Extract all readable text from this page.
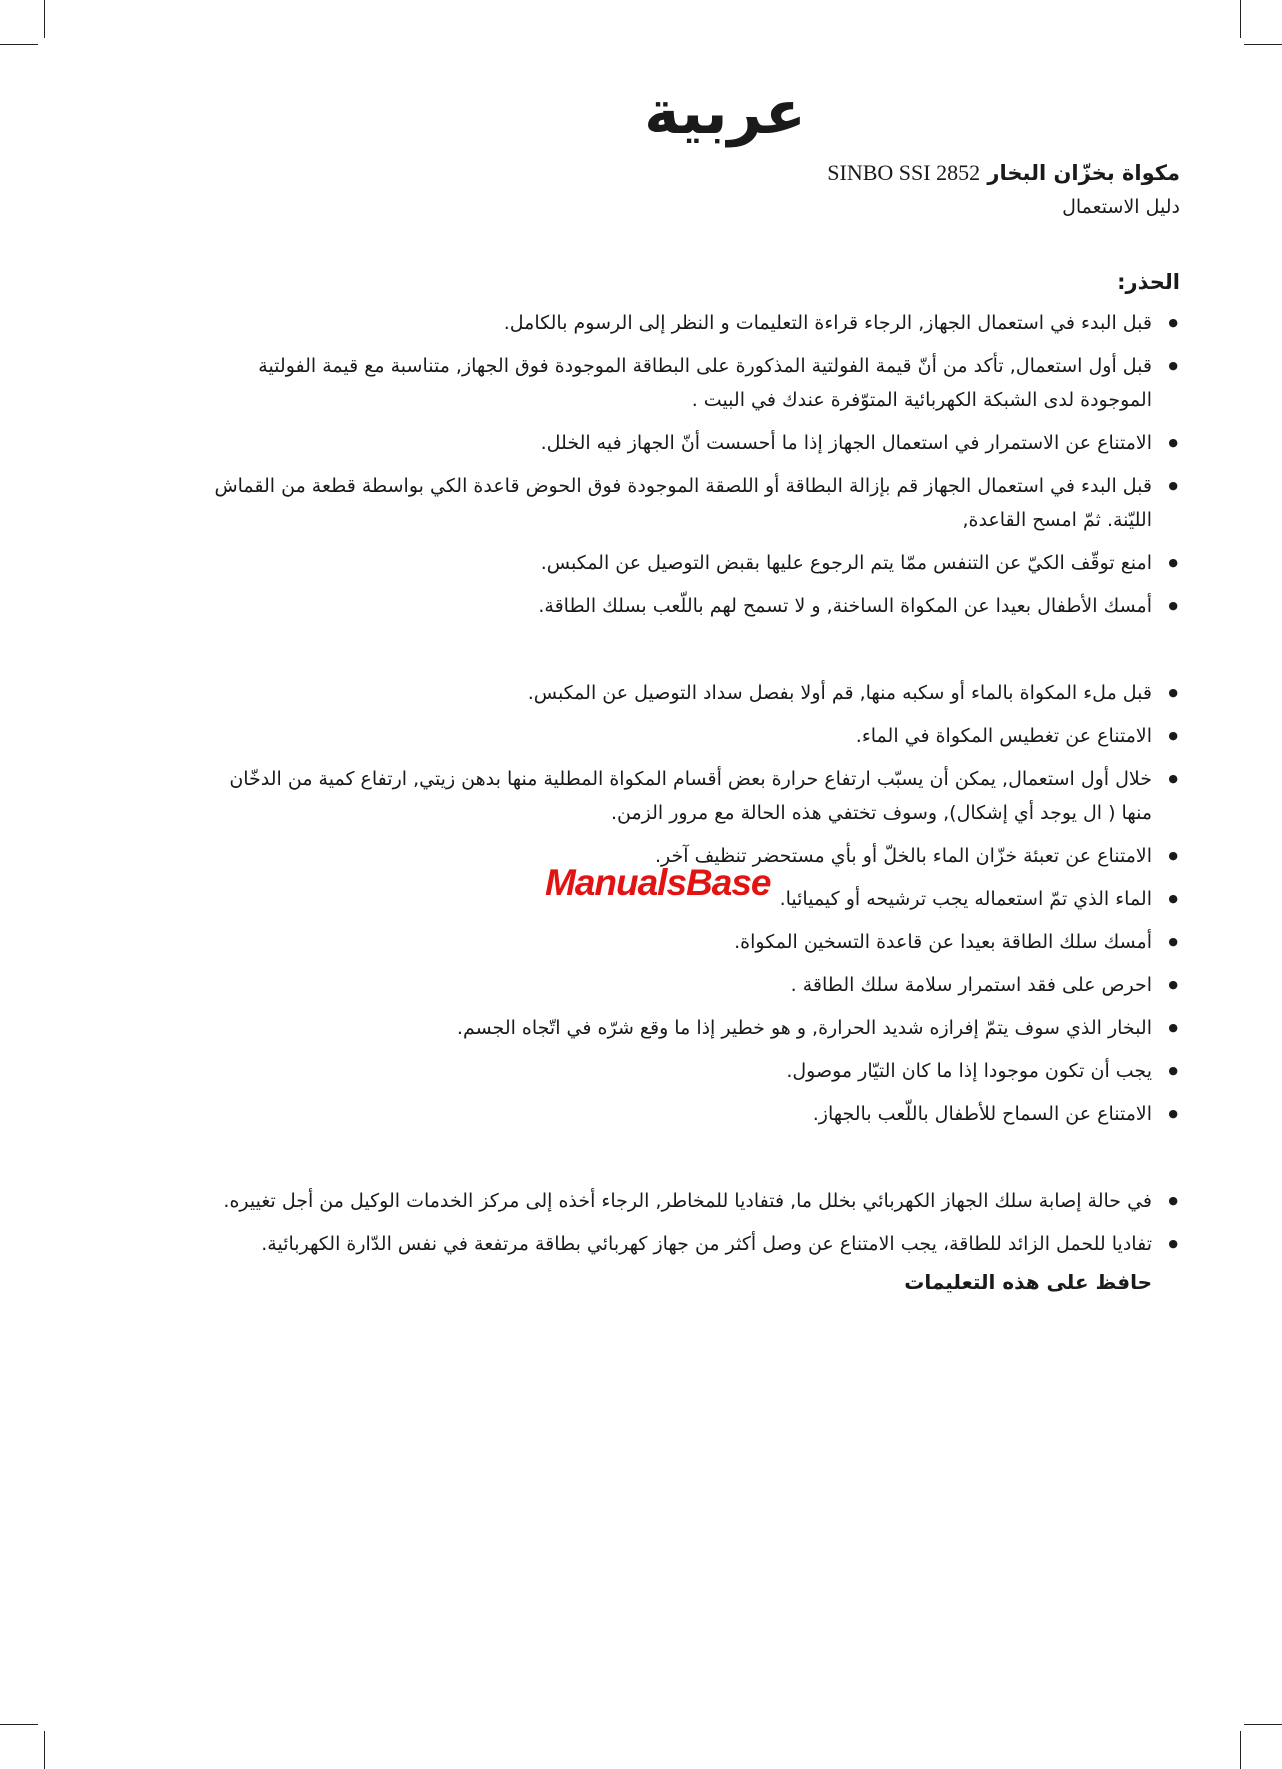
عربية
مكواة بخزّان البخار SINBO SSI 2852
دليل الاستعمال
الحذر:
● قبل البدء في استعمال الجهاز, الرجاء قراءة التعليمات و النظر إلى الرسوم بالكامل.
● قبل أول استعمال, تأكد من أنّ قيمة الفولتية المذكورة على البطاقة الموجودة فوق الجهاز, متناسبة مع قيمة الفولتية الموجودة لدى الشبكة الكهربائية المتوّفرة عندك في البيت .
● الامتناع عن الاستمرار في استعمال الجهاز إذا ما أحسست أنّ الجهاز فيه الخلل.
● قبل البدء في استعمال الجهاز قم بإزالة البطاقة أو اللصقة الموجودة فوق الحوض قاعدة الكي بواسطة قطعة من القماش الليّنة. ثمّ امسح القاعدة,
● امنع توقّف الكيّ عن التنفس ممّا يتم الرجوع عليها بقبض التوصيل عن المكبس.
● أمسك الأطفال بعيدا عن المكواة الساخنة, و لا تسمح لهم باللّعب بسلك الطاقة.
● قبل ملء المكواة بالماء أو سكبه منها, قم أولا بفصل سداد التوصيل عن المكبس.
● الامتناع عن تغطيس المكواة في الماء.
● خلال أول استعمال, يمكن أن يسبّب ارتفاع حرارة بعض أقسام المكواة المطلية منها بدهن زيتي, ارتفاع كمية من الدخّان منها ( ال يوجد أي إشكال), وسوف تختفي هذه الحالة مع مرور الزمن.
● الامتناع عن تعبئة خزّان الماء بالخلّ أو بأي مستحضر تنظيف آخر.
● الماء الذي تمّ استعماله يجب ترشيحه أو كيميائيا.
● أمسك سلك الطاقة بعيدا عن قاعدة التسخين المكواة.
● احرص على فقد استمرار سلامة سلك الطاقة .
● البخار الذي سوف يتمّ إفرازه شديد الحرارة, و هو خطير إذا ما وقع شرّه في اتّجاه الجسم.
● يجب أن تكون موجودا إذا ما كان التيّار موصول.
● الامتناع عن السماح للأطفال باللّعب بالجهاز.
● في حالة إصابة سلك الجهاز الكهربائي بخلل ما, فتفاديا للمخاطر, الرجاء أخذه إلى مركز الخدمات الوكيل من أجل تغييره.
● تفاديا للحمل الزائد للطاقة، يجب الامتناع عن وصل أكثر من جهاز كهربائي بطاقة مرتفعة في نفس الدّارة الكهربائية.
حافظ على هذه التعليمات
ManualsBase
